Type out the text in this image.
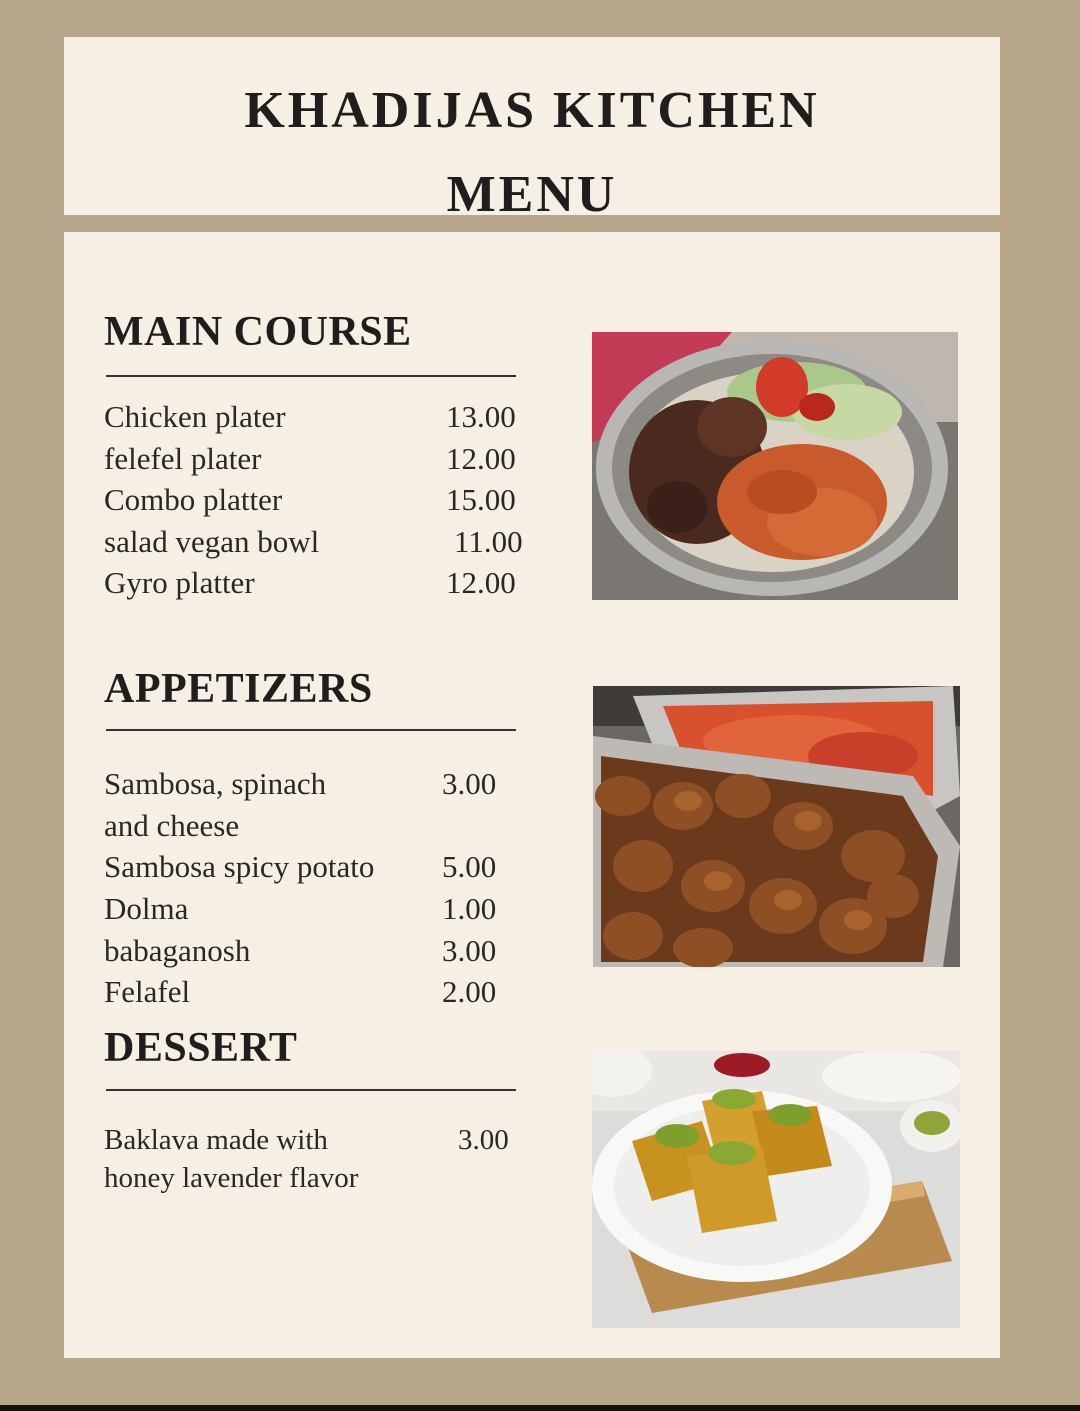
KHADIJAS KITCHEN
MENU
MAIN COURSE
Chicken plater	13.00
felefel plater	12.00
Combo platter	15.00
salad vegan bowl	11.00
Gyro platter	12.00
APPETIZERS
Sambosa, spinach	3.00
and cheese
Sambosa spicy potato 5.00
Dolma	1.00
babaganosh	3.00
Felafel	2.00
DESSERT
Baklava made with	3.00
honey lavender flavor
